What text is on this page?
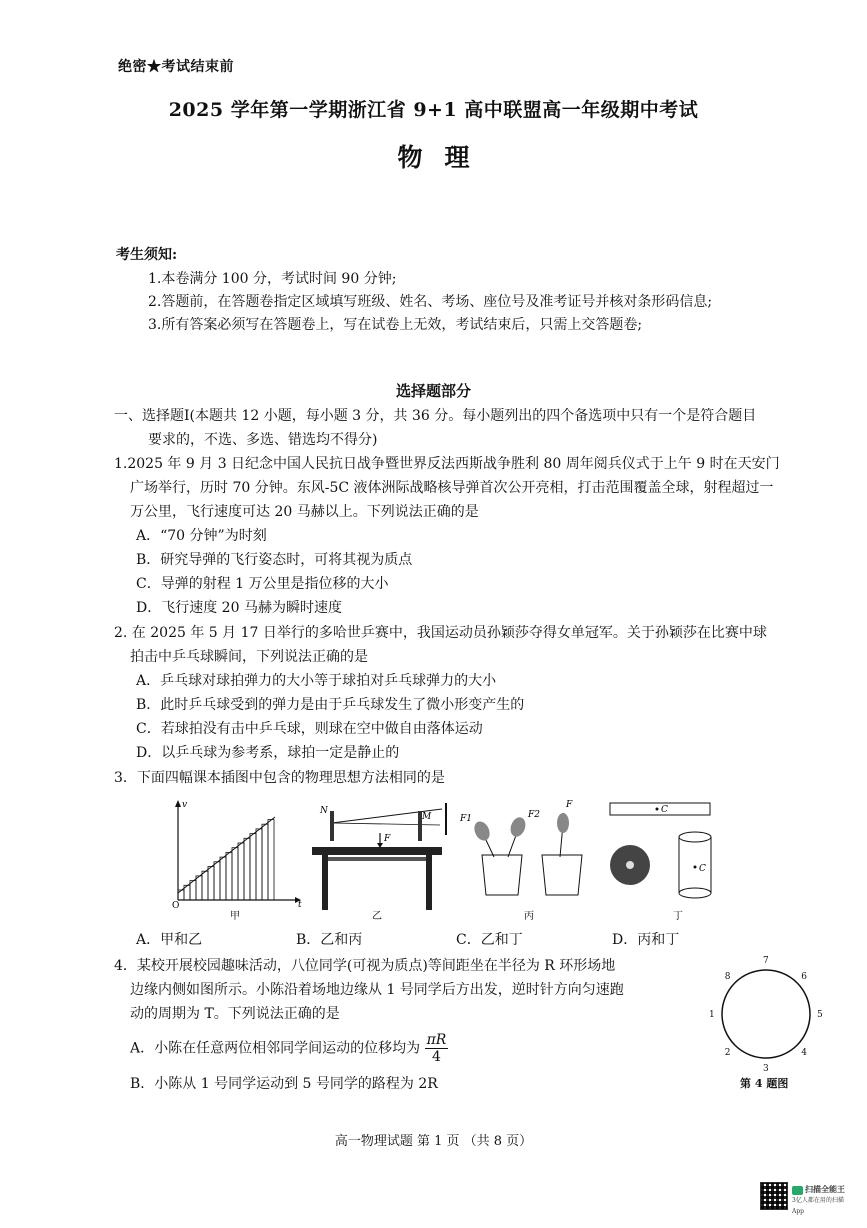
绝密★考试结束前
2025 学年第一学期浙江省 9+1 高中联盟高一年级期中考试
物理
考生须知:
1.本卷满分 100 分，考试时间 90 分钟;
2.答题前，在答题卷指定区域填写班级、姓名、考场、座位号及准考证号并核对条形码信息;
3.所有答案必须写在答题卷上，写在试卷上无效，考试结束后，只需上交答题卷;
选择题部分
一、选择题Ⅰ(本题共 12 小题，每小题 3 分，共 36 分。每小题列出的四个备选项中只有一个是符合题目
要求的，不选、多选、错选均不得分)
1.2025 年 9 月 3 日纪念中国人民抗日战争暨世界反法西斯战争胜利 80 周年阅兵仪式于上午 9 时在天安门
广场举行，历时 70 分钟。东风-5C 液体洲际战略核导弹首次公开亮相，打击范围覆盖全球，射程超过一
万公里，飞行速度可达 20 马赫以上。下列说法正确的是
A．“70 分钟”为时刻
B．研究导弹的飞行姿态时，可将其视为质点
C．导弹的射程 1 万公里是指位移的大小
D．飞行速度 20 马赫为瞬时速度
2. 在 2025 年 5 月 17 日举行的多哈世乒赛中，我国运动员孙颖莎夺得女单冠军。关于孙颖莎在比赛中球
拍击中乒乓球瞬间，下列说法正确的是
A．乒乓球对球拍弹力的大小等于球拍对乒乓球弹力的大小
B．此时乒乓球受到的弹力是由于乒乓球发生了微小形变产生的
C．若球拍没有击中乒乓球，则球在空中做自由落体运动
D．以乒乓球为参考系，球拍一定是静止的
3．下面四幅课本插图中包含的物理思想方法相同的是
O
v
t
甲
N
M
F
乙
F1	F2
F
丙
C
C
丁
A．甲和乙	B．乙和丙	C．乙和丁	D．丙和丁
4．某校开展校园趣味活动，八位同学(可视为质点)等间距坐在半径为 R 环形场地
边缘内侧如图所示。小陈沿着场地边缘从 1 号同学后方出发，逆时针方向匀速跑
动的周期为 T。下列说法正确的是
A．小陈在任意两位相邻同学间运动的位移均为 $\frac{\pi R}{4}$
B．小陈从 1 号同学运动到 5 号同学的路程为 2R
1
2
3
4
5
6
7
8
第 4 题图
高一物理试题 第 1 页 （共 8 页）
扫描全能王
3亿人都在用的扫描App
